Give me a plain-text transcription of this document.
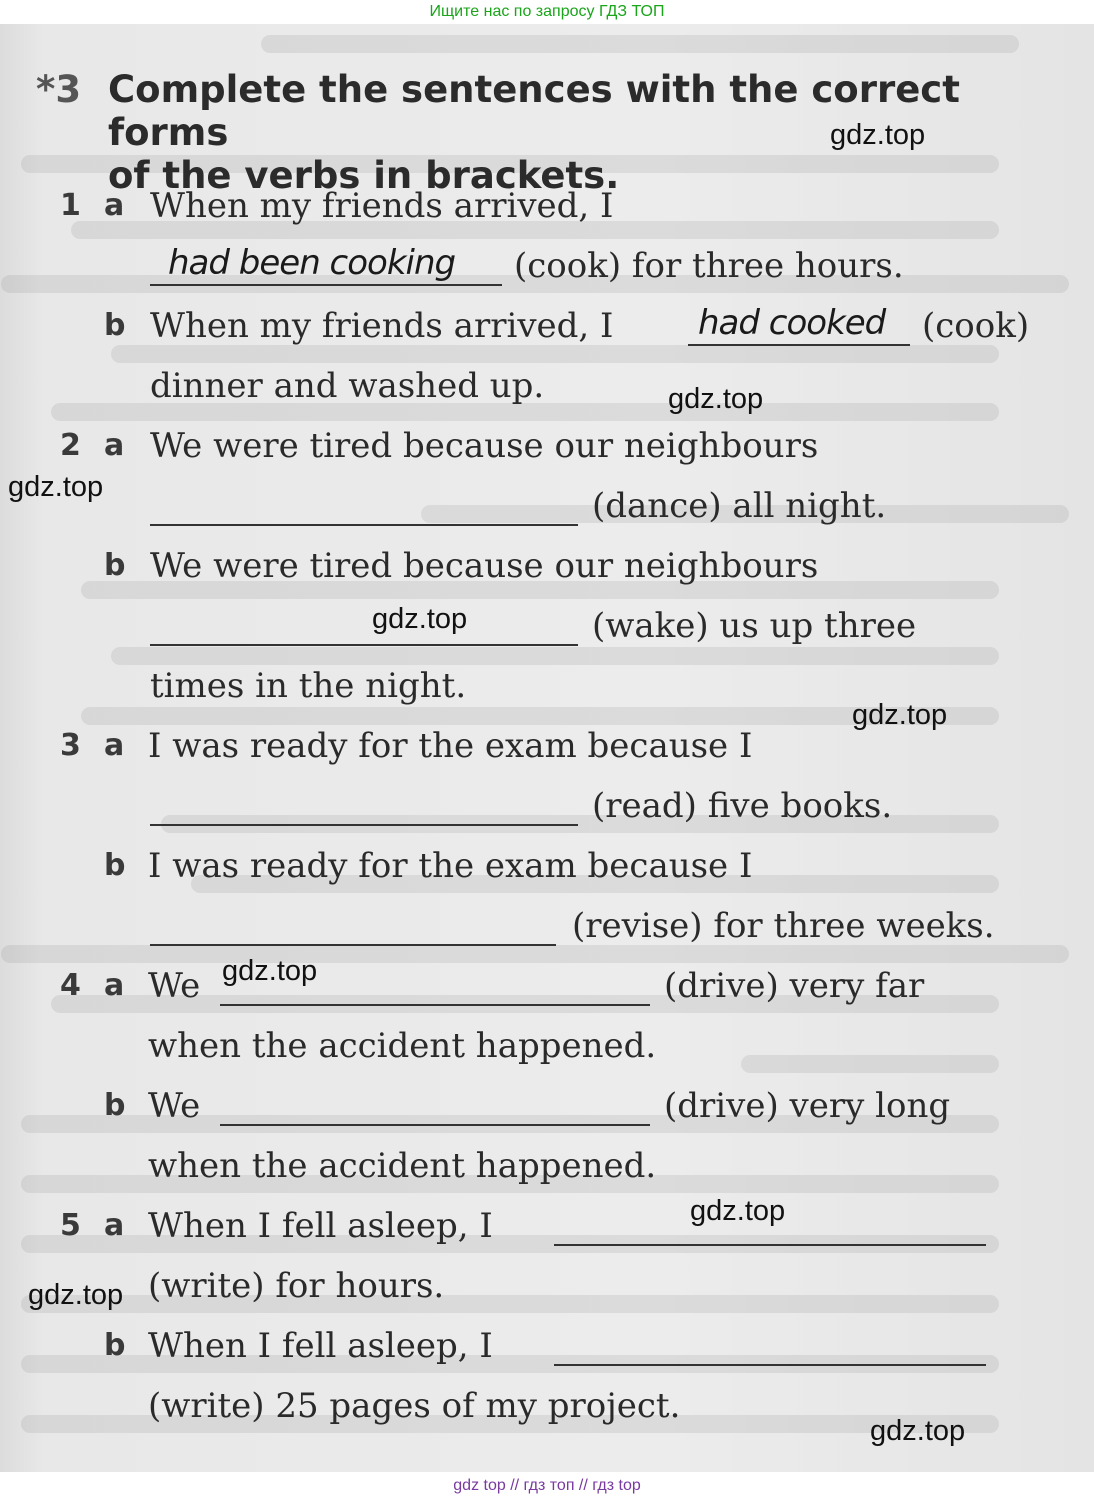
Ищите нас по запросу ГДЗ ТОП
*3 Complete the sentences with the correct forms
of the verbs in brackets.
1 a When my friends arrived, I
had been cooking (cook) for three hours.
b When my friends arrived, I had cooked (cook)
dinner and washed up.
2 a We were tired because our neighbours
(dance) all night.
b We were tired because our neighbours
(wake) us up three
times in the night.
3 a I was ready for the exam because I
(read) five books.
b I was ready for the exam because I
(revise) for three weeks.
4 a We	(drive) very far
when the accident happened.
b We	(drive) very long
when the accident happened.
5 a When I fell asleep, I
(write) for hours.
b When I fell asleep, I
(write) 25 pages of my project.
gdz.top
gdz.top
gdz.top
gdz.top
gdz.top
gdz.top
gdz.top
gdz.top
gdz.top
gdz top // гдз топ // гдз top
